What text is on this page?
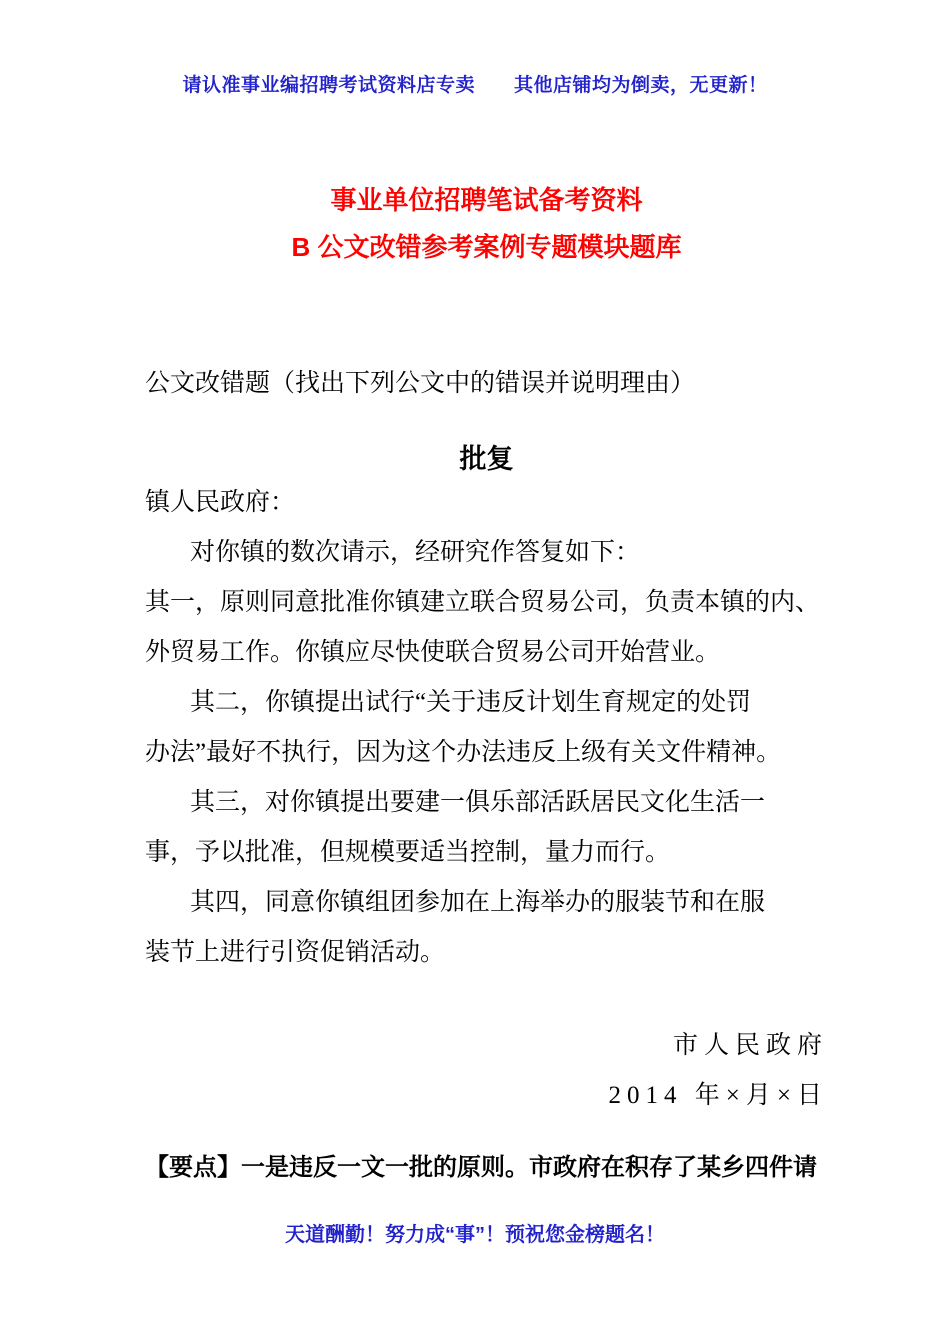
请认准事业编招聘考试资料店专卖　　其他店铺均为倒卖，无更新！
事业单位招聘笔试备考资料
B 公文改错参考案例专题模块题库
公文改错题（找出下列公文中的错误并说明理由）
批复
镇人民政府：
对你镇的数次请示，经研究作答复如下：
其一，原则同意批准你镇建立联合贸易公司，负责本镇的内、
外贸易工作。你镇应尽快使联合贸易公司开始营业。
其二，你镇提出试行“关于违反计划生育规定的处罚
办法”最好不执行，因为这个办法违反上级有关文件精神。
其三，对你镇提出要建一俱乐部活跃居民文化生活一
事，予以批准，但规模要适当控制，量力而行。
其四，同意你镇组团参加在上海举办的服装节和在服
装节上进行引资促销活动。
市人民政府
2014 年×月×日
【要点】一是违反一文一批的原则。市政府在积存了某乡四件请
天道酬勤！努力成“事”！预祝您金榜题名！
